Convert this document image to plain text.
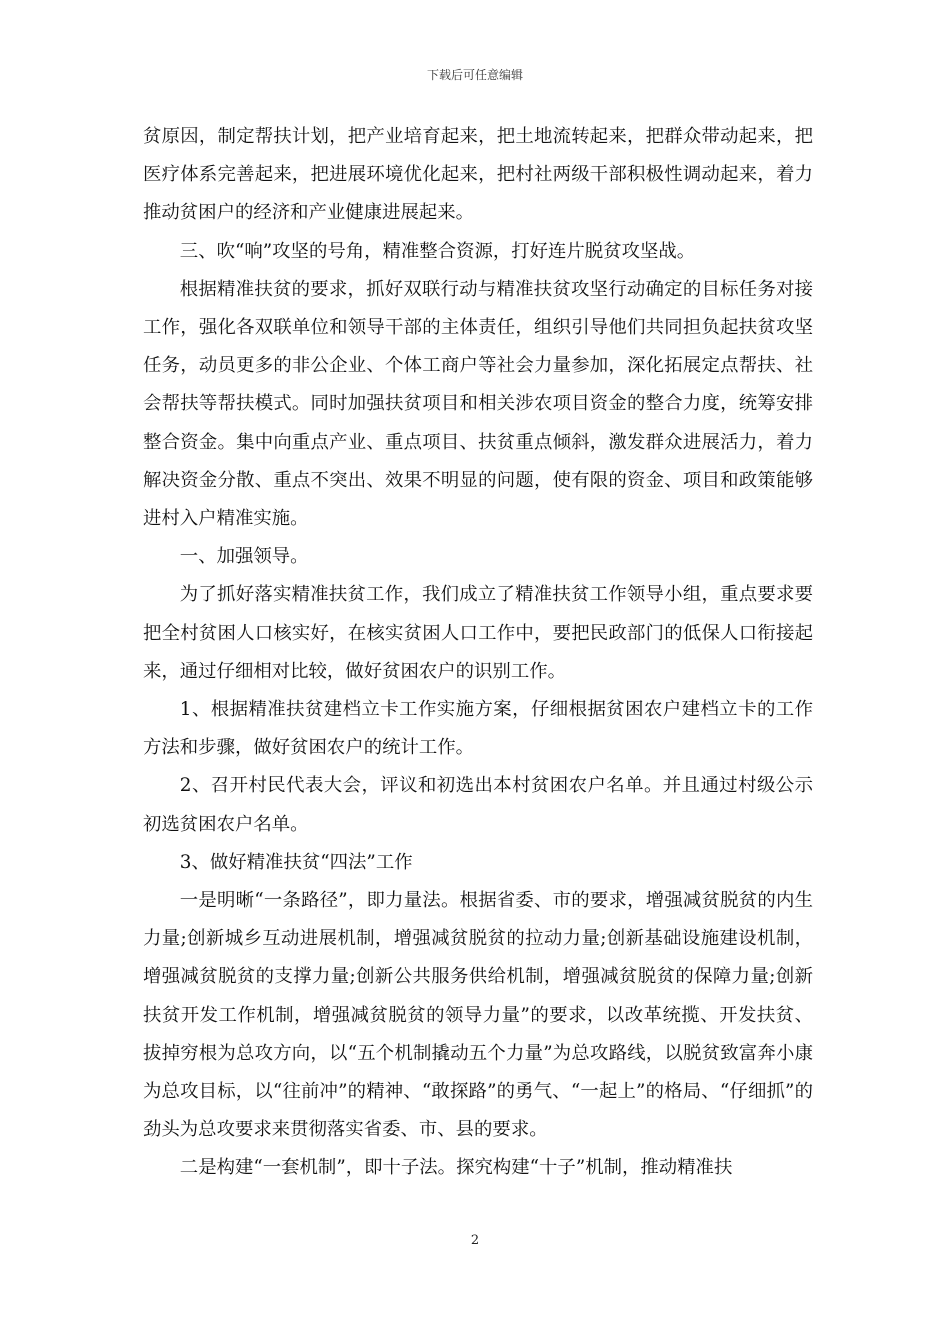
下载后可任意编辑

贫原因，制定帮扶计划，把产业培育起来，把土地流转起来，把群众带动起来，把医疗体系完善起来，把进展环境优化起来，把村社两级干部积极性调动起来，着力推动贫困户的经济和产业健康进展起来。

三、吹“响”攻坚的号角，精准整合资源，打好连片脱贫攻坚战。

根据精准扶贫的要求，抓好双联行动与精准扶贫攻坚行动确定的目标任务对接工作，强化各双联单位和领导干部的主体责任，组织引导他们共同担负起扶贫攻坚任务，动员更多的非公企业、个体工商户等社会力量参加，深化拓展定点帮扶、社会帮扶等帮扶模式。同时加强扶贫项目和相关涉农项目资金的整合力度，统筹安排整合资金。集中向重点产业、重点项目、扶贫重点倾斜，激发群众进展活力，着力解决资金分散、重点不突出、效果不明显的问题，使有限的资金、项目和政策能够进村入户精准实施。

一、加强领导。

为了抓好落实精准扶贫工作，我们成立了精准扶贫工作领导小组，重点要求要把全村贫困人口核实好，在核实贫困人口工作中，要把民政部门的低保人口衔接起来，通过仔细相对比较，做好贫困农户的识别工作。

1、根据精准扶贫建档立卡工作实施方案，仔细根据贫困农户建档立卡的工作方法和步骤，做好贫困农户的统计工作。

2、召开村民代表大会，评议和初选出本村贫困农户名单。并且通过村级公示初选贫困农户名单。

3、做好精准扶贫“四法”工作

一是明晰“一条路径”，即力量法。根据省委、市的要求，增强减贫脱贫的内生力量;创新城乡互动进展机制，增强减贫脱贫的拉动力量;创新基础设施建设机制，增强减贫脱贫的支撑力量;创新公共服务供给机制，增强减贫脱贫的保障力量;创新扶贫开发工作机制，增强减贫脱贫的领导力量”的要求，以改革统揽、开发扶贫、拔掉穷根为总攻方向，以“五个机制撬动五个力量”为总攻路线，以脱贫致富奔小康为总攻目标，以“往前冲”的精神、“敢探路”的勇气、“一起上”的格局、“仔细抓”的劲头为总攻要求来贯彻落实省委、市、县的要求。

二是构建“一套机制”，即十子法。探究构建“十子”机制，推动精准扶

2
